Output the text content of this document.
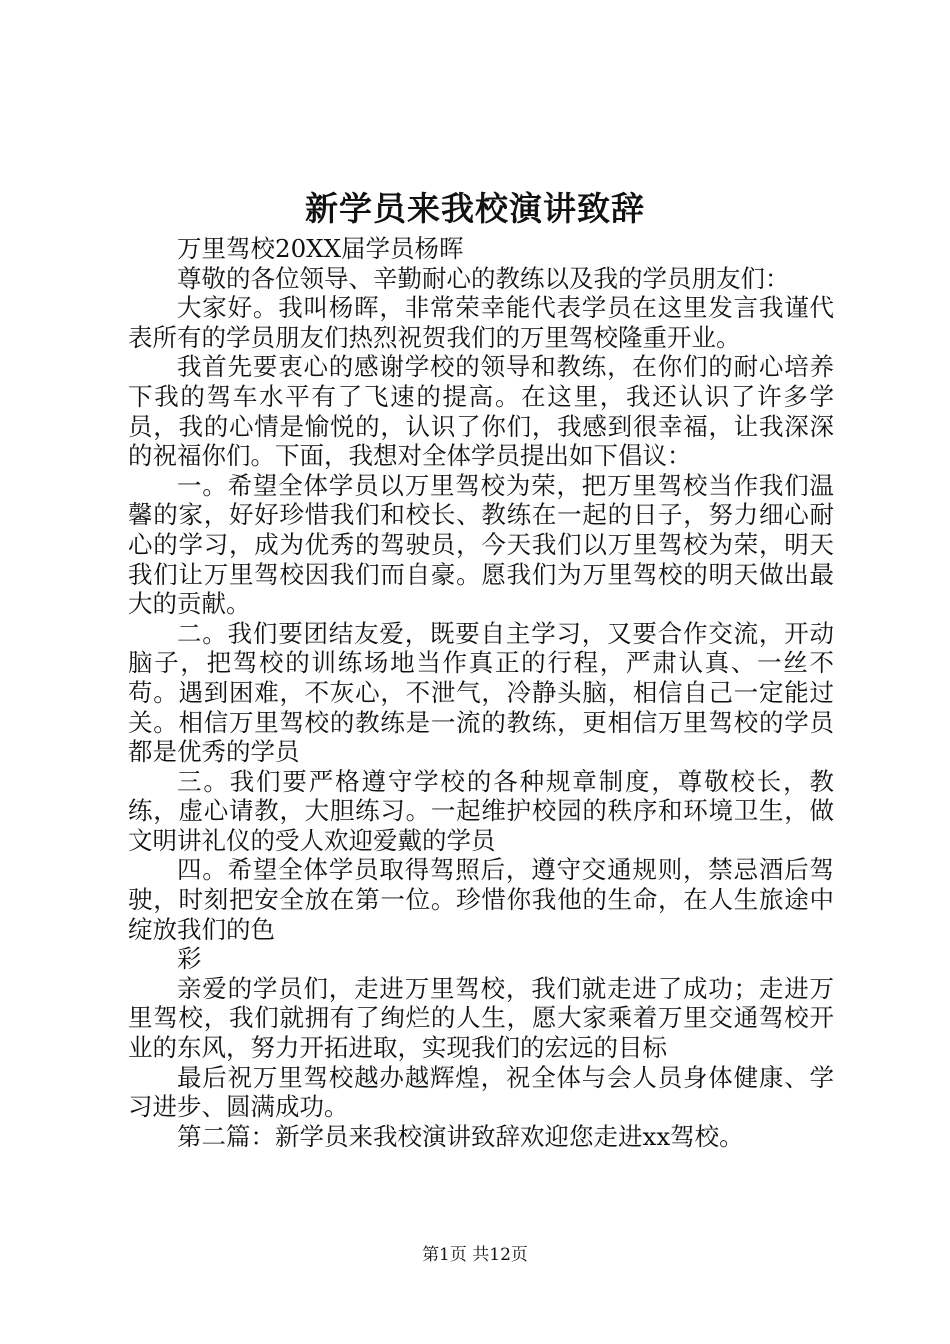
新学员来我校演讲致辞

万里驾校20XX届学员杨晖

尊敬的各位领导、辛勤耐心的教练以及我的学员朋友们：

大家好。我叫杨晖，非常荣幸能代表学员在这里发言我谨代表所有的学员朋友们热烈祝贺我们的万里驾校隆重开业。

我首先要衷心的感谢学校的领导和教练，在你们的耐心培养下我的驾车水平有了飞速的提高。在这里，我还认识了许多学员，我的心情是愉悦的，认识了你们，我感到很幸福，让我深深的祝福你们。下面，我想对全体学员提出如下倡议：

一。希望全体学员以万里驾校为荣，把万里驾校当作我们温馨的家，好好珍惜我们和校长、教练在一起的日子，努力细心耐心的学习，成为优秀的驾驶员，今天我们以万里驾校为荣，明天我们让万里驾校因我们而自豪。愿我们为万里驾校的明天做出最大的贡献。

二。我们要团结友爱，既要自主学习，又要合作交流，开动脑子，把驾校的训练场地当作真正的行程，严肃认真、一丝不苟。遇到困难，不灰心，不泄气，冷静头脑，相信自己一定能过关。相信万里驾校的教练是一流的教练，更相信万里驾校的学员都是优秀的学员

三。我们要严格遵守学校的各种规章制度，尊敬校长，教练，虚心请教，大胆练习。一起维护校园的秩序和环境卫生，做文明讲礼仪的受人欢迎爱戴的学员

四。希望全体学员取得驾照后，遵守交通规则，禁忌酒后驾驶，时刻把安全放在第一位。珍惜你我他的生命，在人生旅途中绽放我们的色

彩

亲爱的学员们，走进万里驾校，我们就走进了成功；走进万里驾校，我们就拥有了绚烂的人生，愿大家乘着万里交通驾校开业的东风，努力开拓进取，实现我们的宏远的目标

最后祝万里驾校越办越辉煌，祝全体与会人员身体健康、学习进步、圆满成功。

第二篇：新学员来我校演讲致辞欢迎您走进xx驾校。

第1页 共12页
